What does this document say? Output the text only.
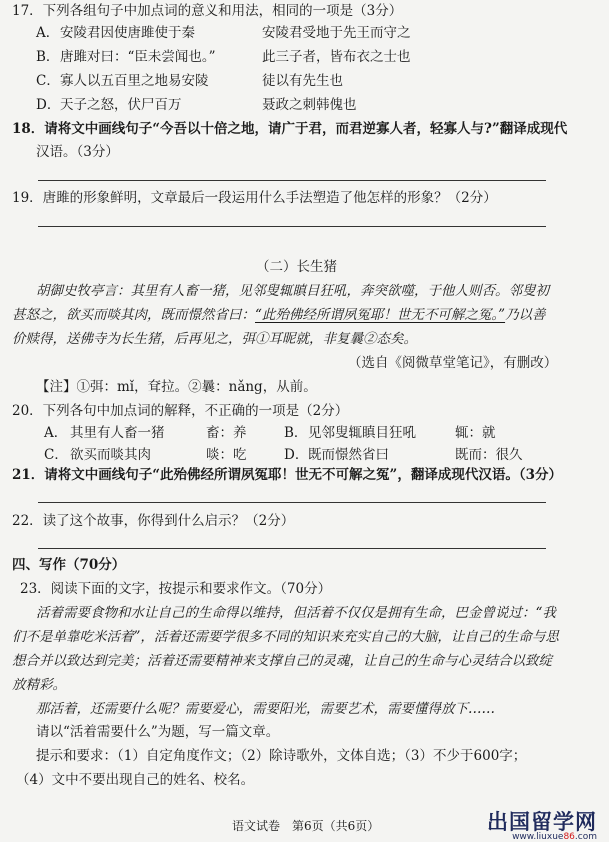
17．下列各组句子中加点词的意义和用法，相同的一项是（3分）
A． 安陵君因使唐雎使于秦	安陵君受地于先王而守之
B． 唐雎对曰：“臣未尝闻也。”	此三子者，皆布衣之士也
C． 寡人以五百里之地易安陵	徒以有先生也
D． 天子之怒，伏尸百万	聂政之刺韩傀也
18．请将文中画线句子“今吾以十倍之地，请广于君，而君逆寡人者，轻寡人与?”翻译成现代
汉语。（3分）
19．唐雎的形象鲜明，文章最后一段运用什么手法塑造了他怎样的形象？（2分）
（二）长生猪
胡御史牧亭言：其里有人畜一猪，见邻叟辄瞋目狂吼，奔突欲噬，于他人则否。邻叟初
甚怒之，欲买而啖其肉，既而憬然省曰：“此殆佛经所谓夙冤耶！世无不可解之冤。”乃以善
价赎得，送佛寺为长生猪，后再见之，弭①耳昵就，非复曩②态矣。
（选自《阅微草堂笔记》，有删改）
【注】①弭：mǐ，耷拉。②曩：nǎng，从前。
20．下列各句中加点词的解释，不正确的一项是（2分）
A． 其里有人畜一猪	畜：养	B． 见邻叟辄瞋目狂吼	辄：就
C． 欲买而啖其肉	啖：吃	D． 既而憬然省曰	既而：很久
21．请将文中画线句子“此殆佛经所谓夙冤耶！世无不可解之冤”，翻译成现代汉语。（3分）
22．读了这个故事，你得到什么启示？（2分）
四、写作（70分）
23．阅读下面的文字，按提示和要求作文。（70分）
活着需要食物和水让自己的生命得以维持，但活着不仅仅是拥有生命，巴金曾说过：“我
们不是单靠吃米活着”，活着还需要学很多不同的知识来充实自己的大脑，让自己的生命与思
想合并以致达到完美；活着还需要精神来支撑自己的灵魂，让自己的生命与心灵结合以致绽
放精彩。
那活着，还需要什么呢？需要爱心，需要阳光，需要艺术，需要懂得放下……
请以“活着需要什么”为题，写一篇文章。
提示和要求：（1）自定角度作文；（2）除诗歌外，文体自选；（3）不少于600字；
（4）文中不要出现自己的姓名、校名。
语文试卷　第6页（共6页）	出国留学网
www.liuxue86.com
